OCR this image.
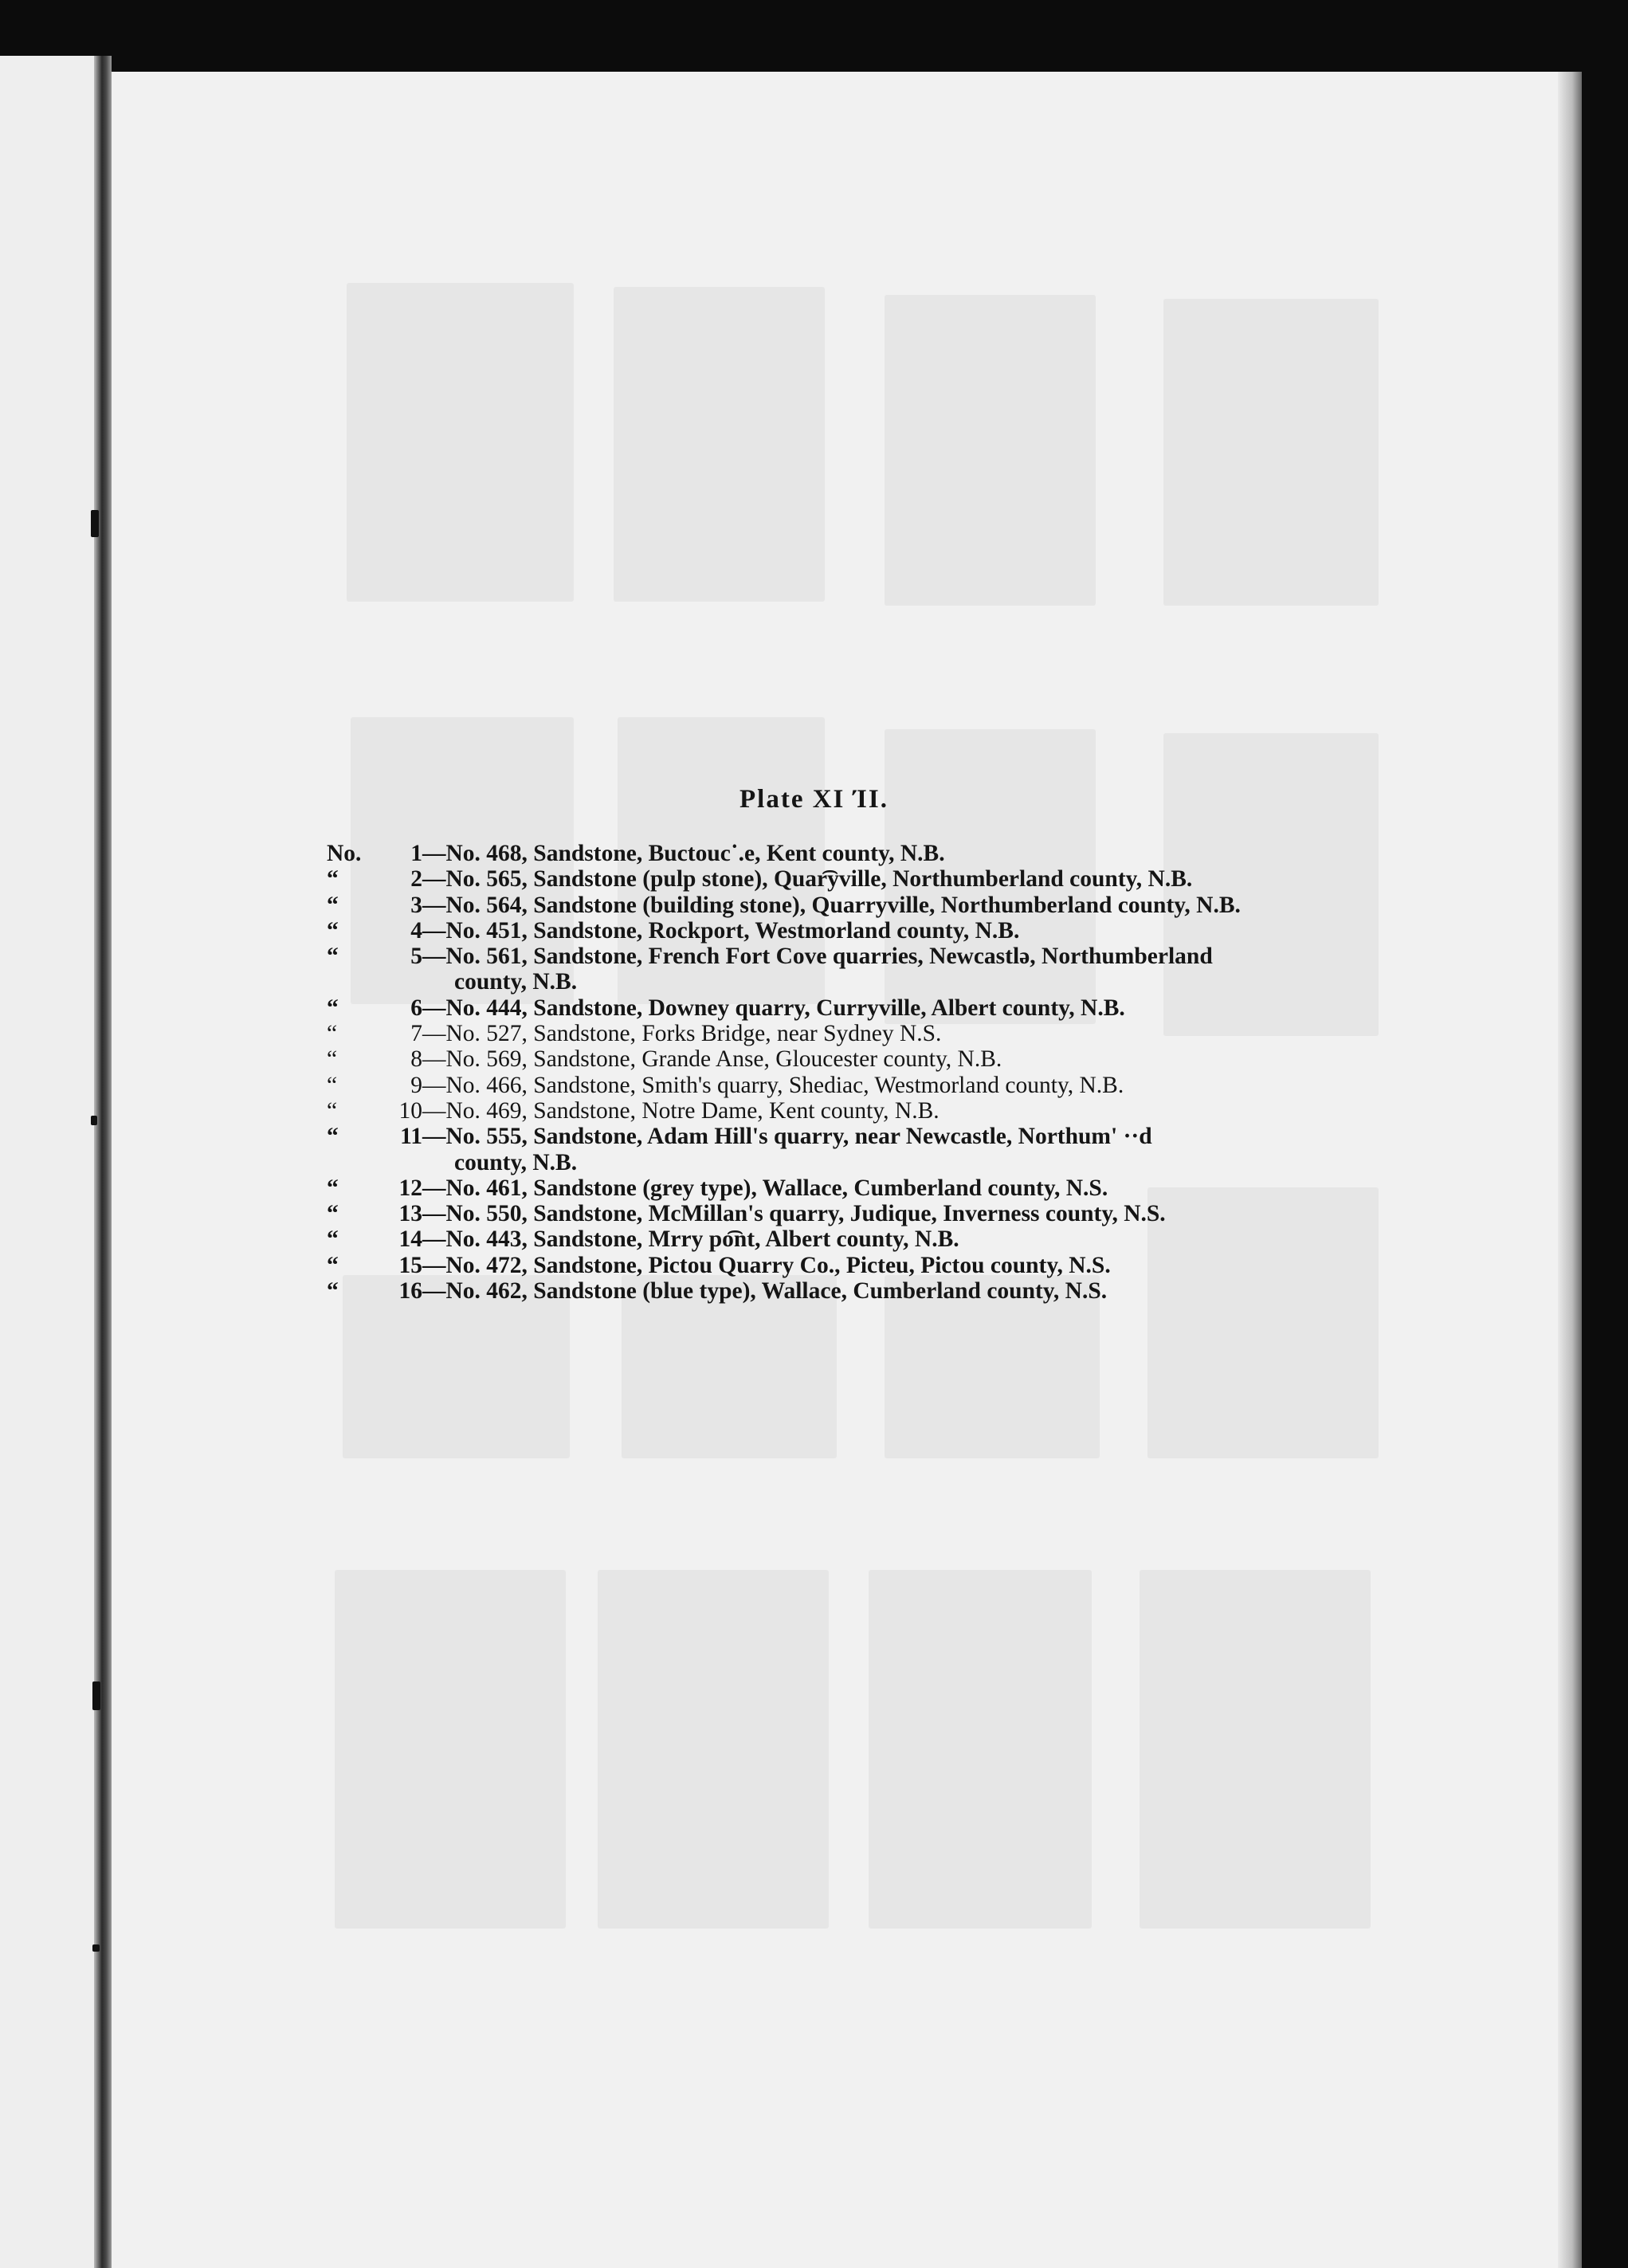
Plate XI ΊI.
No.	1 —No. 468, Sandstone, Buctouc˙.e, Kent county, N.B.
“	2 —No. 565, Sandstone (pulp stone), Quar͡yville, Northumberland county, N.B.
“	3 —No. 564, Sandstone (building stone), Quarryville, Northumberland county, N.B.
“	4 —No. 451, Sandstone, Rockport, Westmorland county, N.B.
“	5 —No. 561, Sandstone, French Fort Cove quarries, Newcastlə, Northumberland
county, N.B.
“	6 —No. 444, Sandstone, Downey quarry, Curryville, Albert county, N.B.
“	7 —No. 527, Sandstone, Forks Bridge, near Sydney N.S.
“	8 —No. 569, Sandstone, Grande Anse, Gloucester county, N.B.
“	9 —No. 466, Sandstone, Smith's quarry, Shediac, Westmorland county, N.B.
“	10 —No. 469, Sandstone, Notre Dame, Kent county, N.B.
“	11 —No. 555, Sandstone, Adam Hill's quarry, near Newcastle, Northum' ··d
county, N.B.
“	12 —No. 461, Sandstone (grey type), Wallace, Cumberland county, N.S.
“	13 —No. 550, Sandstone, McMillan's quarry, Judique, Inverness county, N.S.
“	14 —No. 443, Sandstone, Mrry po͡nt, Albert county, N.B.
“	15 —No. 472, Sandstone, Pictou Quarry Co., Picteu, Pictou county, N.S.
“	16 —No. 462, Sandstone (blue type), Wallace, Cumberland county, N.S.
